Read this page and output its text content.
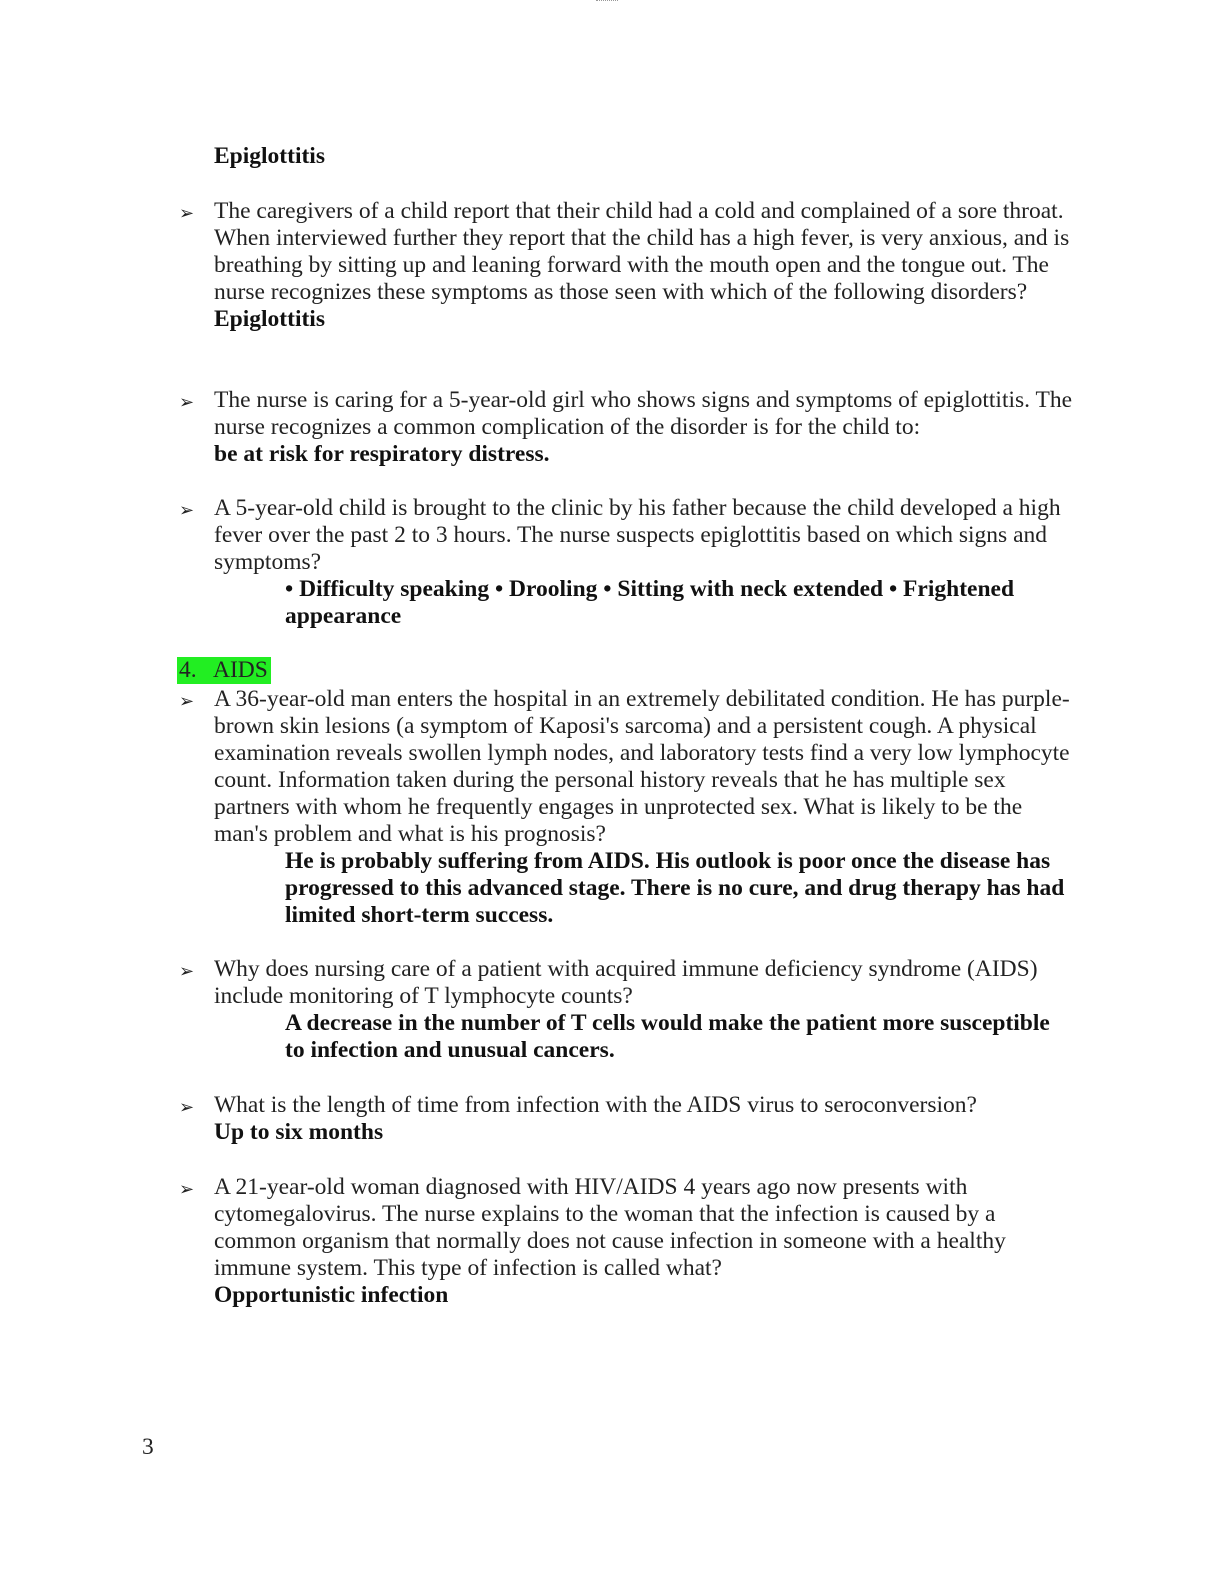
Epiglottitis
➢ The caregivers of a child report that their child had a cold and complained of a sore throat. When interviewed further they report that the child has a high fever, is very anxious, and is breathing by sitting up and leaning forward with the mouth open and the tongue out. The nurse recognizes these symptoms as those seen with which of the following disorders?

Epiglottitis

➢ The nurse is caring for a 5-year-old girl who shows signs and symptoms of epiglottitis. The nurse recognizes a common complication of the disorder is for the child to:

be at risk for respiratory distress.

➢ A 5-year-old child is brought to the clinic by his father because the child developed a high fever over the past 2 to 3 hours. The nurse suspects epiglottitis based on which signs and symptoms?

• Difficulty speaking • Drooling • Sitting with neck extended • Frightened appearance
4. AIDS
➢ A 36-year-old man enters the hospital in an extremely debilitated condition. He has purple-brown skin lesions (a symptom of Kaposi's sarcoma) and a persistent cough. A physical examination reveals swollen lymph nodes, and laboratory tests find a very low lymphocyte count. Information taken during the personal history reveals that he has multiple sex partners with whom he frequently engages in unprotected sex. What is likely to be the man's problem and what is his prognosis?

He is probably suffering from AIDS. His outlook is poor once the disease has progressed to this advanced stage. There is no cure, and drug therapy has had limited short-term success.
➢ Why does nursing care of a patient with acquired immune deficiency syndrome (AIDS) include monitoring of T lymphocyte counts?

A decrease in the number of T cells would make the patient more susceptible to infection and unusual cancers.
➢ What is the length of time from infection with the AIDS virus to seroconversion?

Up to six months

➢ A 21-year-old woman diagnosed with HIV/AIDS 4 years ago now presents with cytomegalovirus. The nurse explains to the woman that the infection is caused by a common organism that normally does not cause infection in someone with a healthy immune system. This type of infection is called what?

Opportunistic infection

3
